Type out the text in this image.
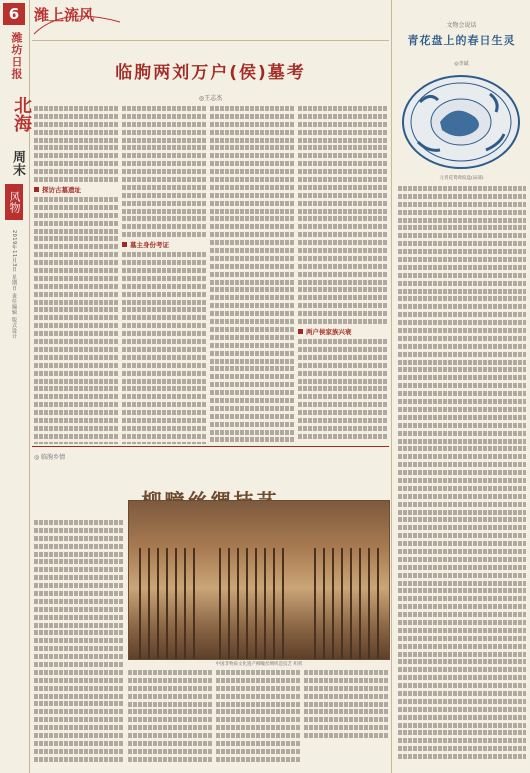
6
潍坊日报
北海
周末
风物
2019年11月3日 星期日 责任编辑 版式设计
潍上流风
临朐两刘万户(侯)墓考
◎王志杰
探访古墓遗址
墓主身份考证
两户侯家族兴衰
◎ 临朐乡情
中国非物质文化遗产柳疃丝绸织造技艺 织机
文物会说话
青花盘上的春日生灵
◎李斌
元青花鸳鸯纹盘(局部)
